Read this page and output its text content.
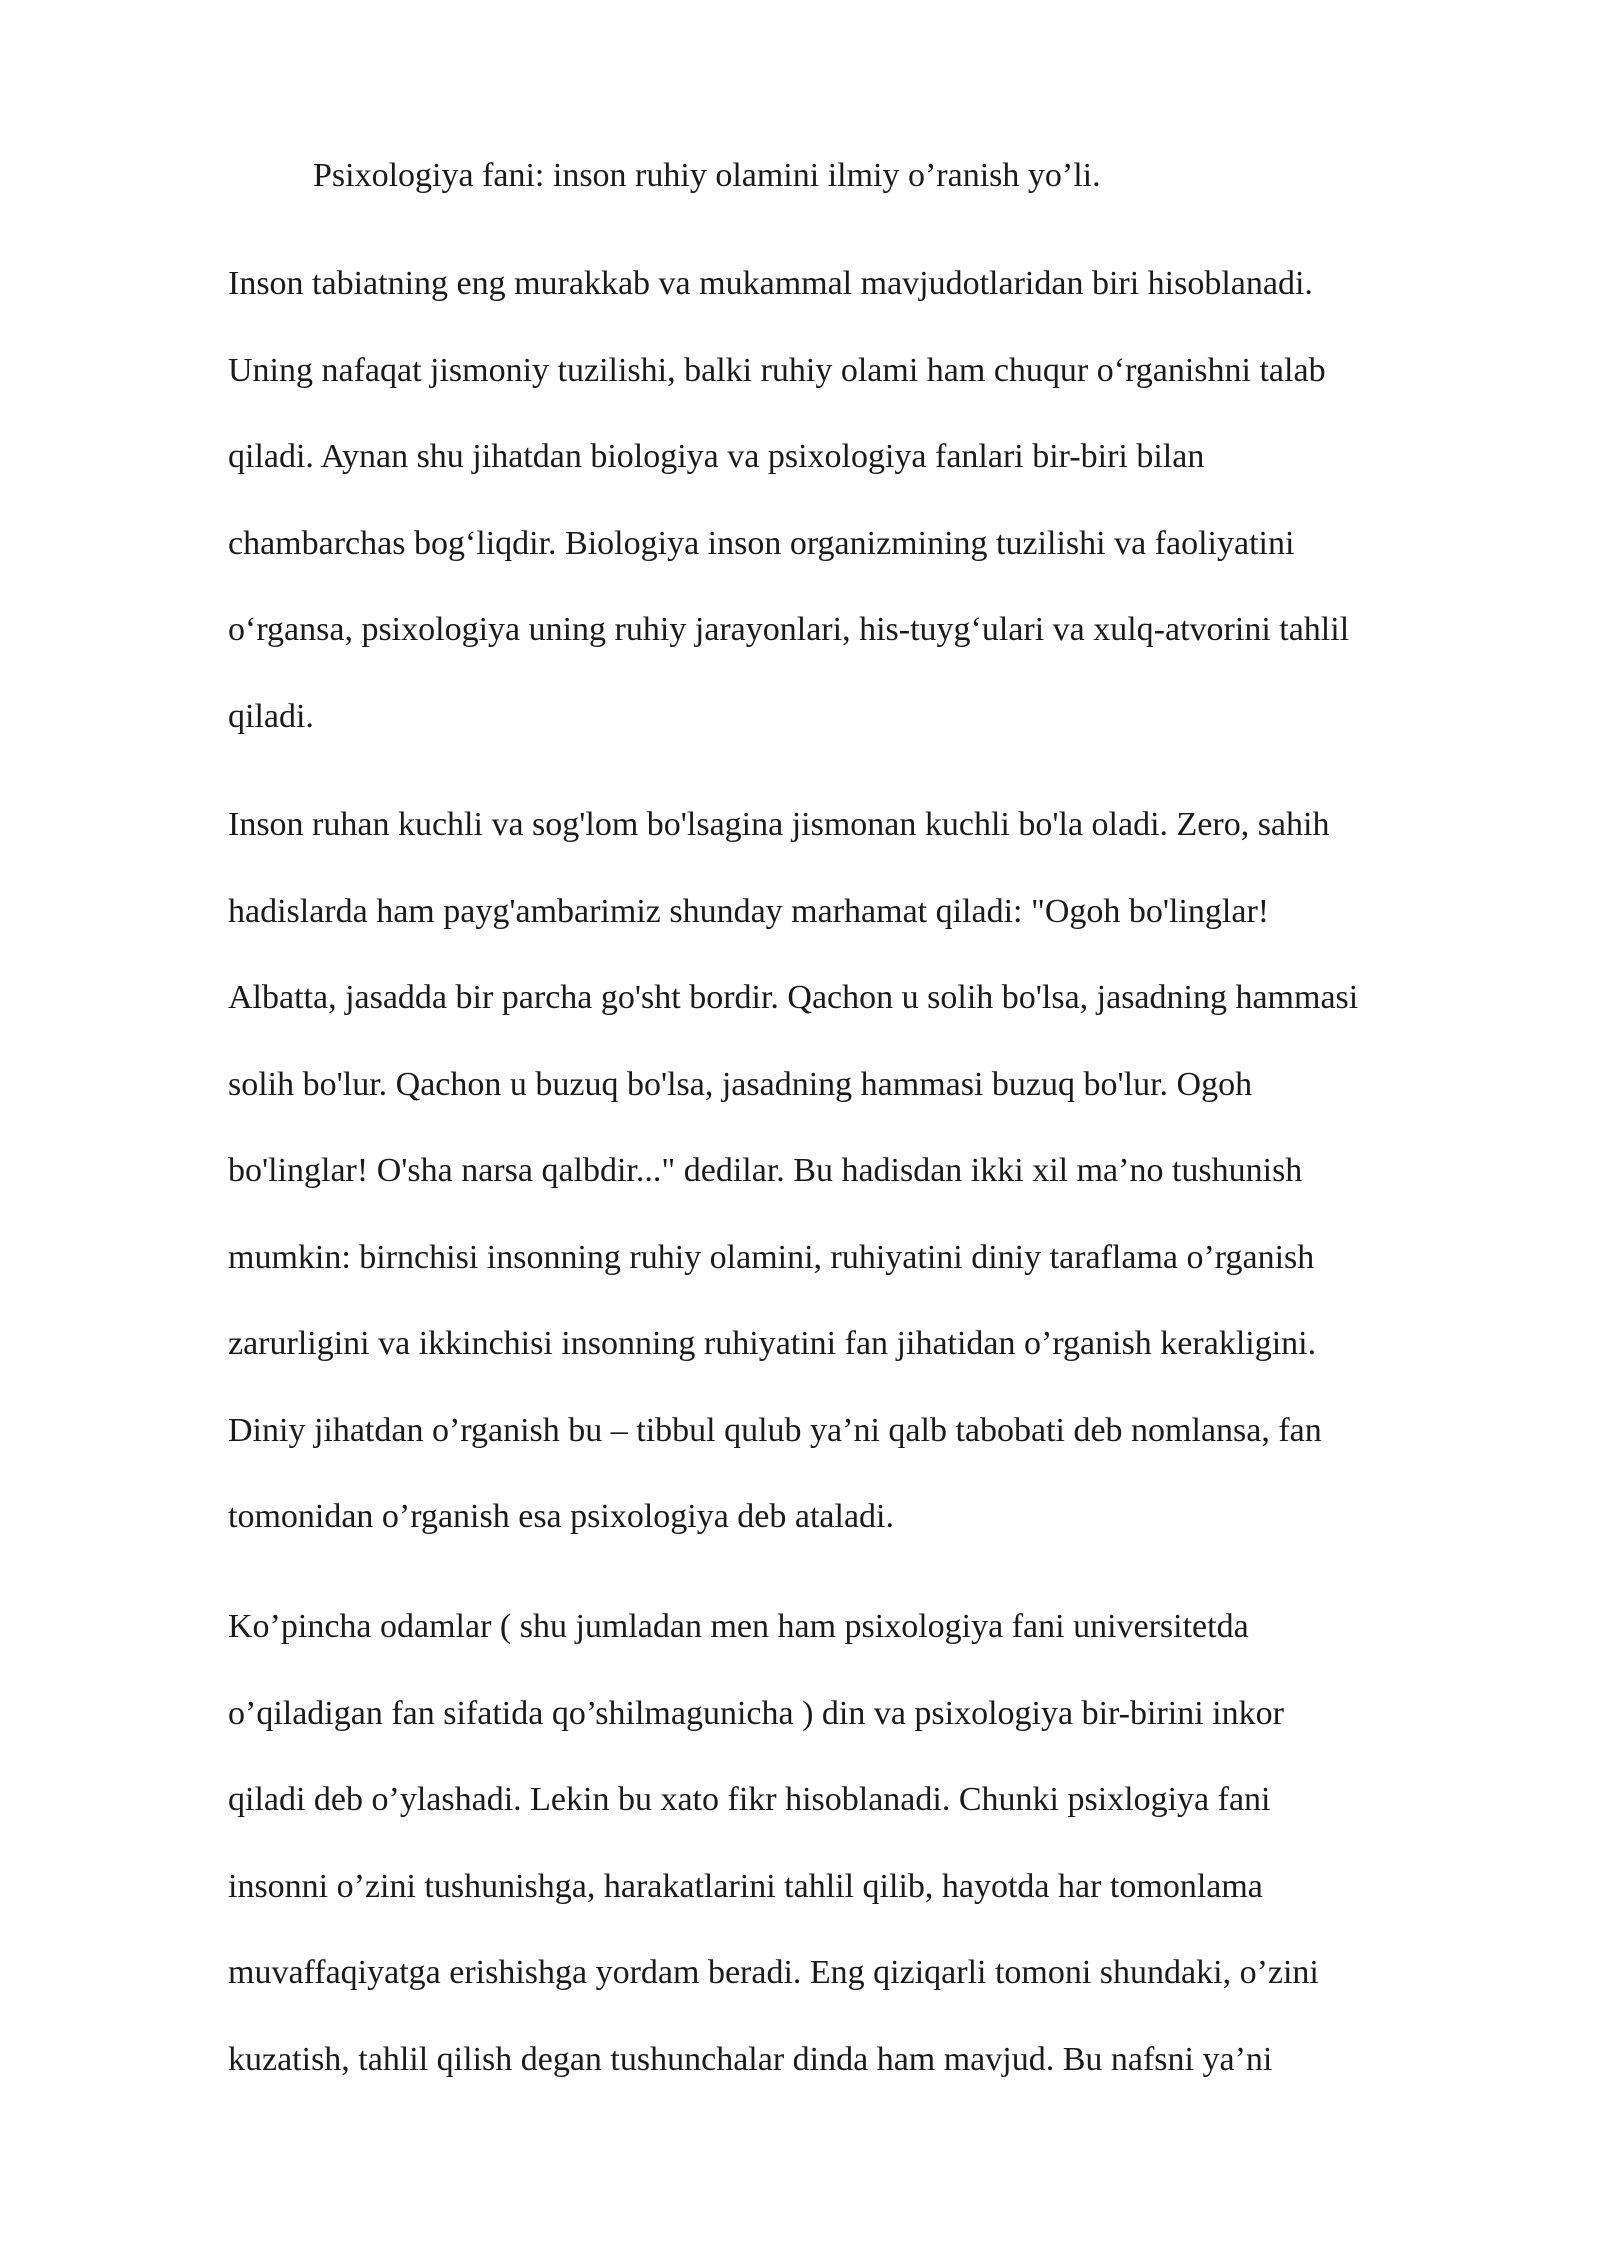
Psixologiya fani: inson ruhiy olamini ilmiy o’ranish yo’li.
Inson tabiatning eng murakkab va mukammal mavjudotlaridan biri hisoblanadi.
Uning nafaqat jismoniy tuzilishi, balki ruhiy olami ham chuqur o‘rganishni talab
qiladi. Aynan shu jihatdan biologiya va psixologiya fanlari bir-biri bilan
chambarchas bog‘liqdir. Biologiya inson organizmining tuzilishi va faoliyatini
o‘rgansa, psixologiya uning ruhiy jarayonlari, his-tuyg‘ulari va xulq-atvorini tahlil
qiladi.
Inson ruhan kuchli va sog'lom bo'lsagina jismonan kuchli bo'la oladi. Zero, sahih
hadislarda ham payg'ambarimiz shunday marhamat qiladi: "Ogoh bo'linglar!
Albatta, jasadda bir parcha go'sht bordir. Qachon u solih bo'lsa, jasadning hammasi
solih bo'lur. Qachon u buzuq bo'lsa, jasadning hammasi buzuq bo'lur. Ogoh
bo'linglar! O'sha narsa qalbdir..." dedilar. Bu hadisdan ikki xil ma’no tushunish
mumkin: birnchisi insonning ruhiy olamini, ruhiyatini diniy taraflama o’rganish
zarurligini va ikkinchisi insonning ruhiyatini fan jihatidan o’rganish kerakligini.
Diniy jihatdan o’rganish bu – tibbul qulub ya’ni qalb tabobati deb nomlansa, fan
tomonidan o’rganish esa psixologiya deb ataladi.
Ko’pincha odamlar ( shu jumladan men ham psixologiya fani universitetda
o’qiladigan fan sifatida qo’shilmagunicha ) din va psixologiya bir-birini inkor
qiladi deb o’ylashadi. Lekin bu xato fikr hisoblanadi. Chunki psixlogiya fani
insonni o’zini tushunishga, harakatlarini tahlil qilib, hayotda har tomonlama
muvaffaqiyatga erishishga yordam beradi. Eng qiziqarli tomoni shundaki, o’zini
kuzatish, tahlil qilish degan tushunchalar dinda ham mavjud. Bu nafsni ya’ni
